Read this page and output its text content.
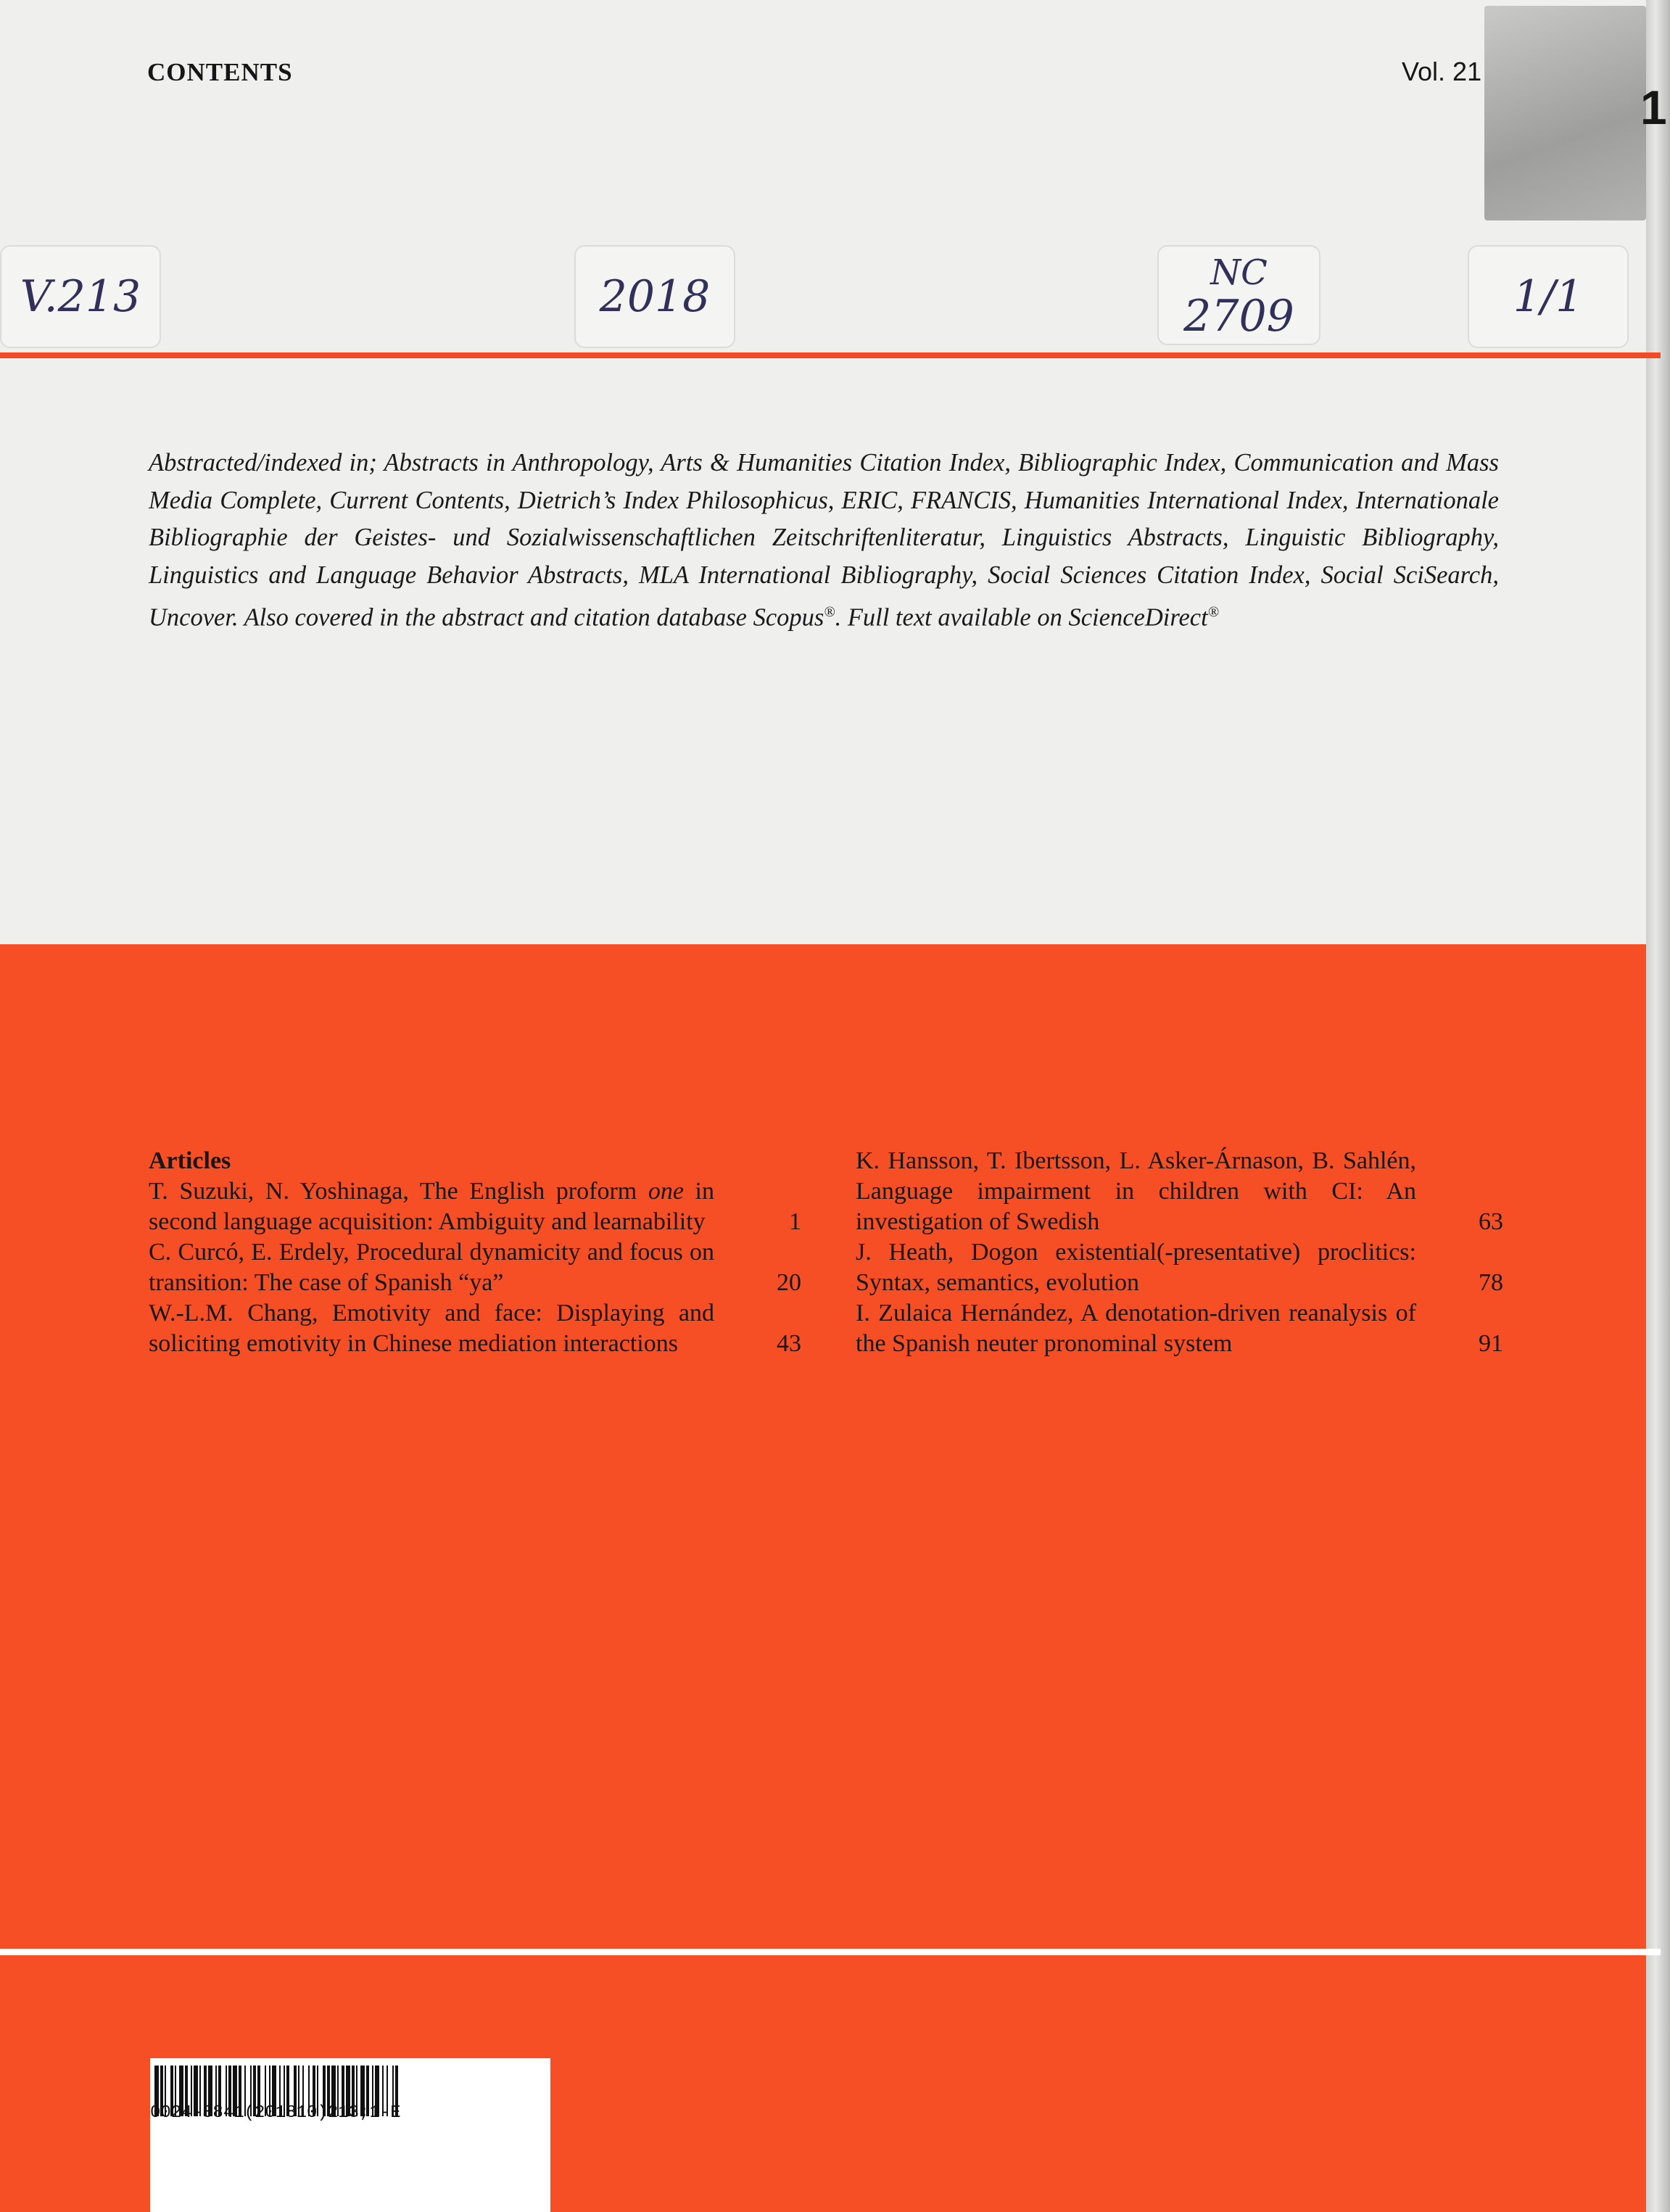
CONTENTS	Vol. 21
1
V.213	2018	NC
2709	1/1
Abstracted/indexed in; Abstracts in Anthropology, Arts & Humanities Citation Index, Bibliographic Index, Communication and Mass Media Complete, Current Contents, Dietrich’s Index Philosophicus, ERIC, FRANCIS, Humanities International Index, Internationale Bibliographie der Geistes- und Sozialwissenschaftlichen Zeitschriftenliteratur, Linguistics Abstracts, Linguistic Bibliography, Linguistics and Language Behavior Abstracts, MLA International Bibliography, Social Sciences Citation Index, Social SciSearch, Uncover. Also covered in the abstract and citation database Scopus®. Full text available on ScienceDirect®
Articles
T. Suzuki, N. Yoshinaga, The English proform one in second language acquisition: Ambiguity and learnability	1
C. Curcó, E. Erdely, Procedural dynamicity and focus on transition: The case of Spanish “ya”	20
W.-L.M. Chang, Emotivity and face: Displaying and soliciting emotivity in Chinese mediation interactions	43
K. Hansson, T. Ibertsson, L. Asker-Árnason, B. Sahlén, Language impairment in children with CI: An investigation of Swedish	63
J. Heath, Dogon existential(-presentative) proclitics: Syntax, semantics, evolution	78
I. Zulaica Hernández, A denotation-driven reanalysis of the Spanish neuter pronominal system	91
0024-3841(201810)213;1-E
